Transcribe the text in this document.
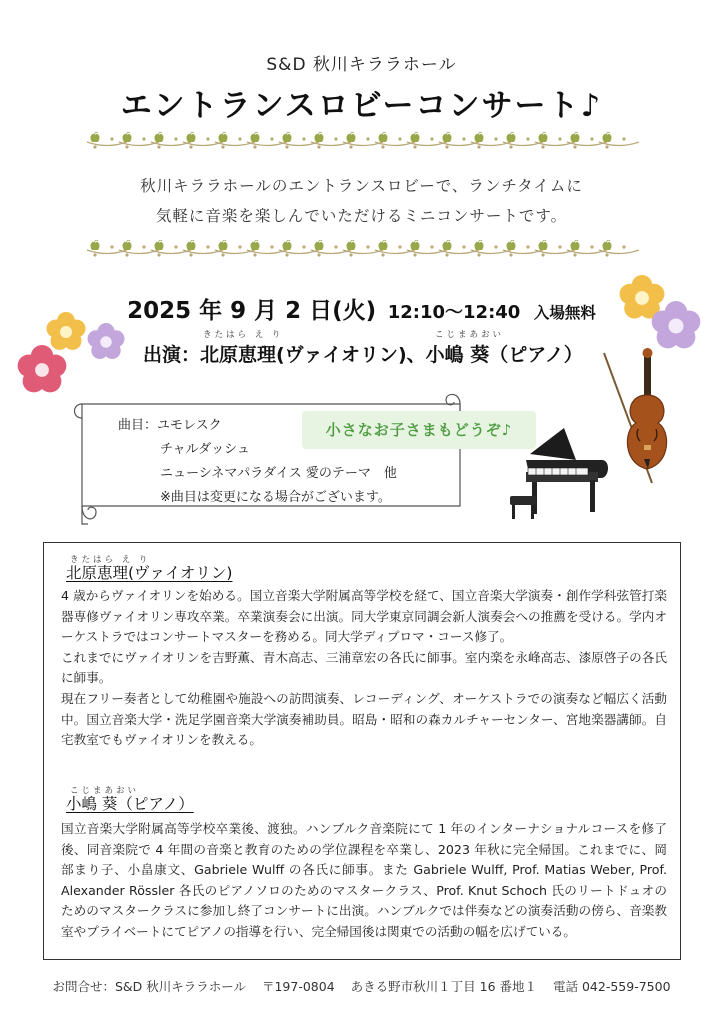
S&D 秋川キララホール
エントランスロビーコンサート♪
秋川キララホールのエントランスロビーで、ランチタイムに
気軽に音楽を楽しんでいただけるミニコンサートです。
2025 年 9 月 2 日(火) 12:10～12:40 入場無料
きたはら え り	こじまあおい
出演：北原恵理(ヴァイオリン)、小嶋 葵（ピアノ）
曲目：ユモレスク
チャルダッシュ
ニューシネマパラダイス 愛のテーマ　他
※曲目は変更になる場合がございます。
小さなお子さまもどうぞ♪
きたはら え り
北原恵理(ヴァイオリン)
4 歳からヴァイオリンを始める。国立音楽大学附属高等学校を経て、国立音楽大学演奏・創作学科弦管打楽器専修ヴァイオリン専攻卒業。卒業演奏会に出演。同大学東京同調会新人演奏会への推薦を受ける。学内オーケストラではコンサートマスターを務める。同大学ディプロマ・コース修了。
これまでにヴァイオリンを吉野薫、青木高志、三浦章宏の各氏に師事。室内楽を永峰高志、漆原啓子の各氏に師事。
現在フリー奏者として幼稚園や施設への訪問演奏、レコーディング、オーケストラでの演奏など幅広く活動中。国立音楽大学・洗足学園音楽大学演奏補助員。昭島・昭和の森カルチャーセンター、宮地楽器講師。自宅教室でもヴァイオリンを教える。
こじまあおい
小嶋 葵（ピアノ）
国立音楽大学附属高等学校卒業後、渡独。ハンブルク音楽院にて 1 年のインターナショナルコースを修了後、同音楽院で 4 年間の音楽と教育のための学位課程を卒業し、2023 年秋に完全帰国。これまでに、岡部まり子、小畠康文、Gabriele Wulff の各氏に師事。また Gabriele Wulff, Prof. Matias Weber, Prof. Alexander Rössler 各氏のピアノソロのためのマスタークラス、Prof. Knut Schoch 氏のリートドュオのためのマスタークラスに参加し終了コンサートに出演。ハンブルクでは伴奏などの演奏活動の傍ら、音楽教室やプライベートにてピアノの指導を行い、完全帰国後は関東での活動の幅を広げている。
お問合せ：S&D 秋川キララホール 〒197-0804 あきる野市秋川１丁目 16 番地１ 電話 042-559-7500
